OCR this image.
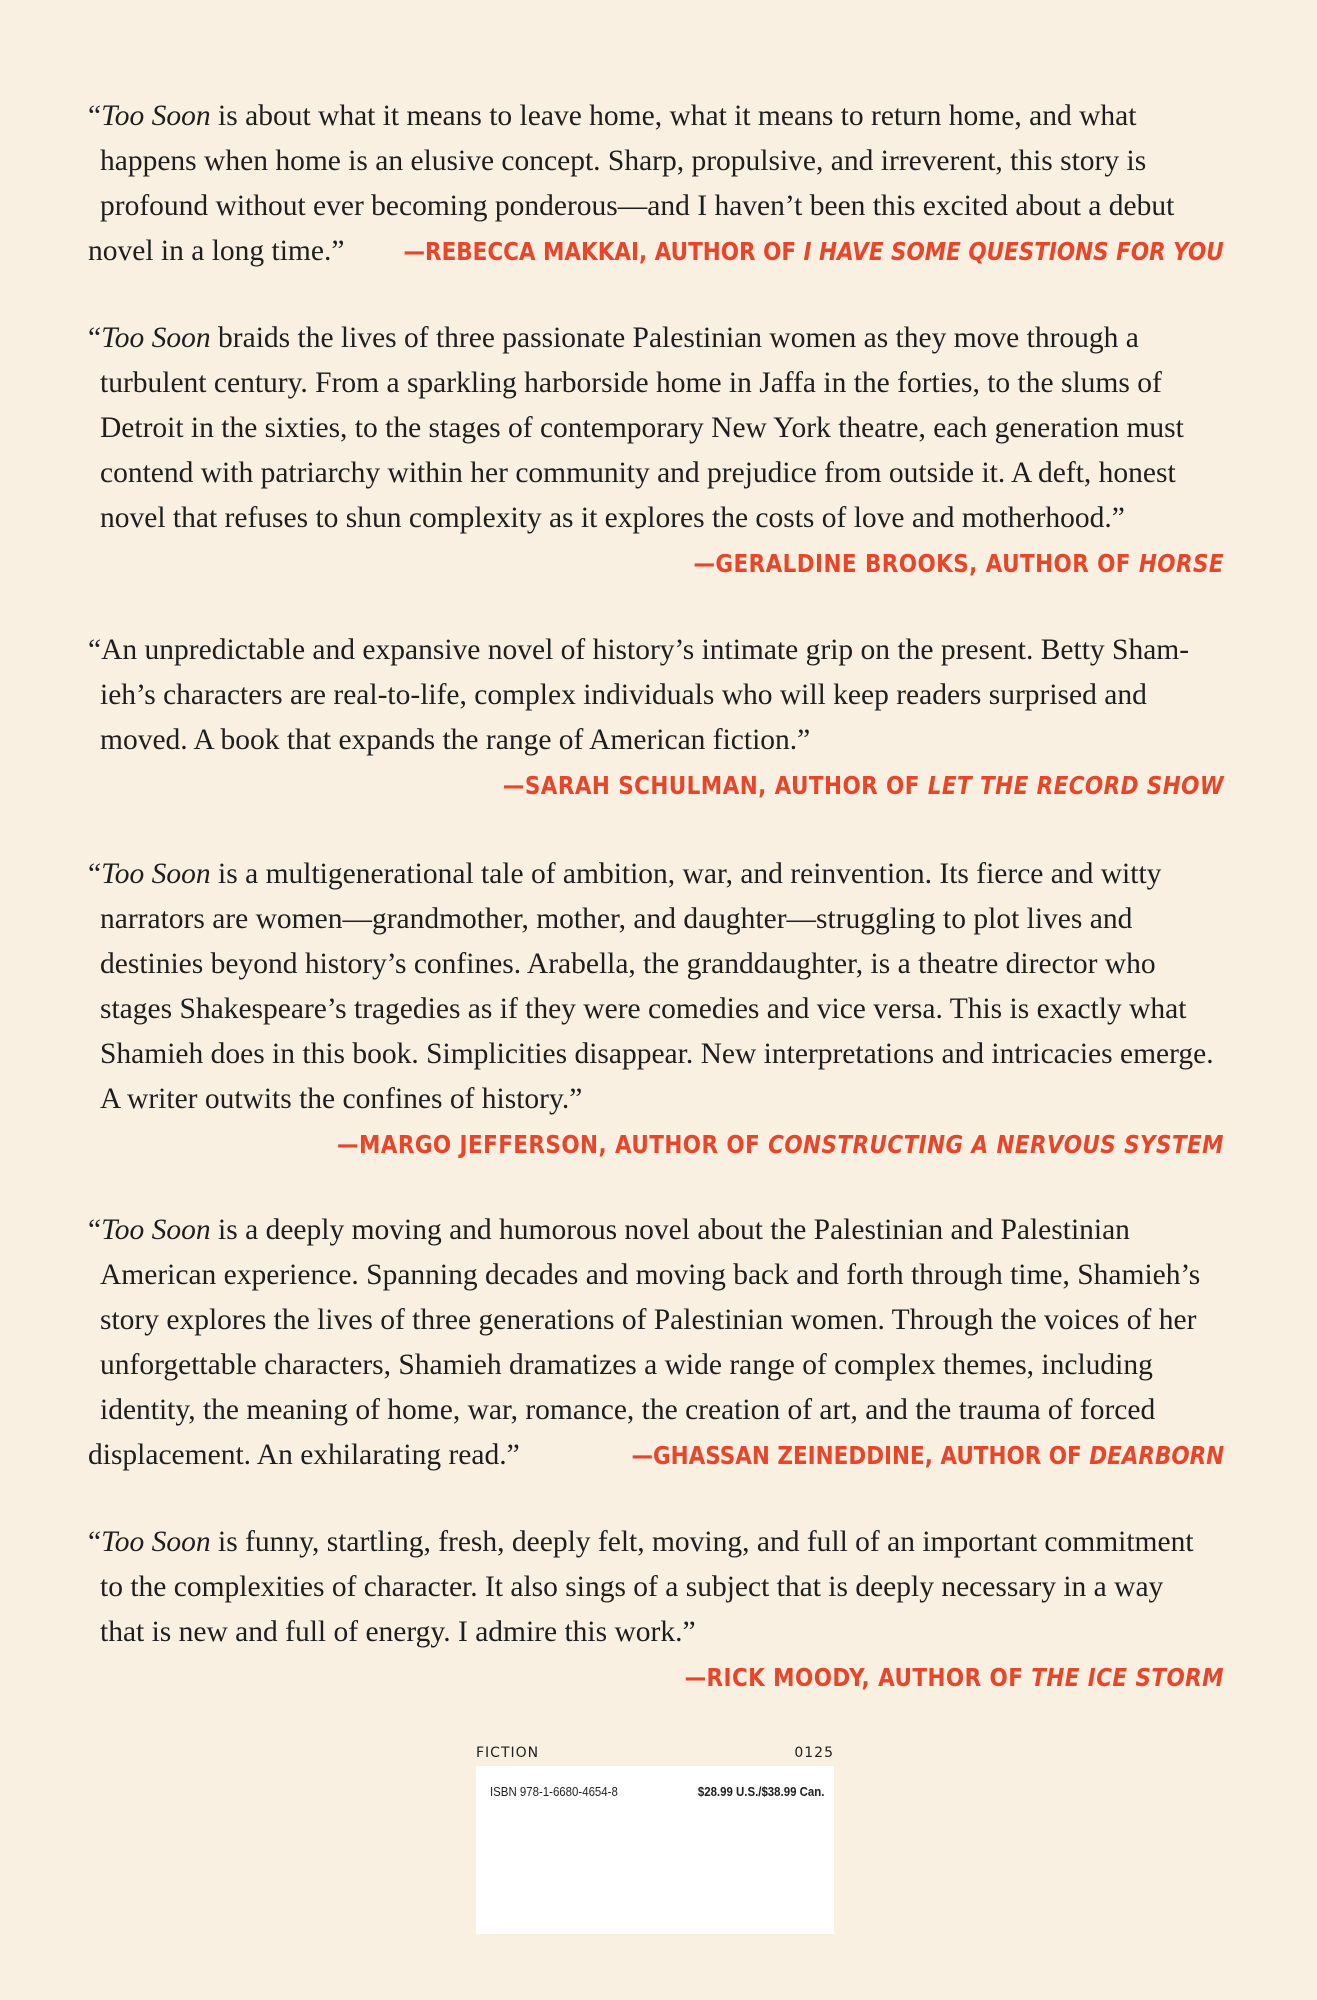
“Too Soon is about what it means to leave home, what it means to return home, and what
happens when home is an elusive concept. Sharp, propulsive, and irreverent, this story is
profound without ever becoming ponderous—and I haven’t been this excited about a debut

novel in a long time.” —REBECCA MAKKAI, AUTHOR OF I HAVE SOME QUESTIONS FOR YOU

“Too Soon braids the lives of three passionate Palestinian women as they move through a
turbulent century. From a sparkling harborside home in Jaffa in the forties, to the slums of
Detroit in the sixties, to the stages of contemporary New York theatre, each generation must
contend with patriarchy within her community and prejudice from outside it. A deft, honest
novel that refuses to shun complexity as it explores the costs of love and motherhood.”

—GERALDINE BROOKS, AUTHOR OF HORSE

“An unpredictable and expansive novel of history’s intimate grip on the present. Betty Sham-
ieh’s characters are real-to-life, complex individuals who will keep readers surprised and
moved. A book that expands the range of American fiction.”

—SARAH SCHULMAN, AUTHOR OF LET THE RECORD SHOW

“Too Soon is a multigenerational tale of ambition, war, and reinvention. Its fierce and witty
narrators are women—grandmother, mother, and daughter—struggling to plot lives and
destinies beyond history’s confines. Arabella, the granddaughter, is a theatre director who
stages Shakespeare’s tragedies as if they were comedies and vice versa. This is exactly what
Shamieh does in this book. Simplicities disappear. New interpretations and intricacies emerge.
A writer outwits the confines of history.”

—MARGO JEFFERSON, AUTHOR OF CONSTRUCTING A NERVOUS SYSTEM

“Too Soon is a deeply moving and humorous novel about the Palestinian and Palestinian
American experience. Spanning decades and moving back and forth through time, Shamieh’s
story explores the lives of three generations of Palestinian women. Through the voices of her
unforgettable characters, Shamieh dramatizes a wide range of complex themes, including
identity, the meaning of home, war, romance, the creation of art, and the trauma of forced

displacement. An exhilarating read.”	—GHASSAN ZEINEDDINE, AUTHOR OF DEARBORN

“Too Soon is funny, startling, fresh, deeply felt, moving, and full of an important commitment
to the complexities of character. It also sings of a subject that is deeply necessary in a way
that is new and full of energy. I admire this work.”

—RICK MOODY, AUTHOR OF THE ICE STORM
FICTION	0125
ISBN 978-1-6680-4654-8	$28.99 U.S./$38.99 Can.
